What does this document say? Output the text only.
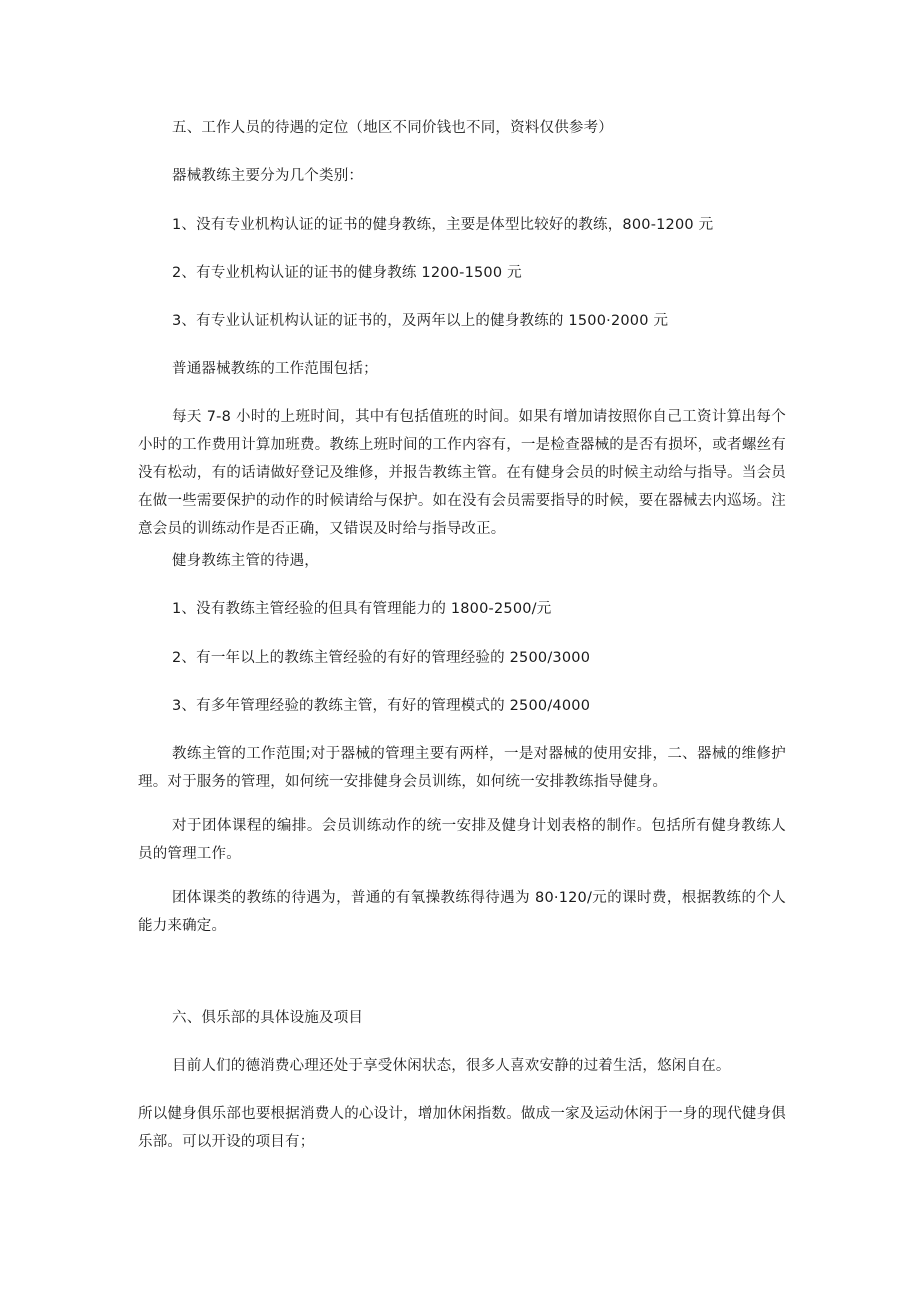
五、工作人员的待遇的定位（地区不同价钱也不同，资料仅供参考）
器械教练主要分为几个类别：
1、没有专业机构认证的证书的健身教练，主要是体型比较好的教练，800-1200 元
2、有专业机构认证的证书的健身教练 1200-1500 元
3、有专业认证机构认证的证书的，及两年以上的健身教练的 1500·2000 元
普通器械教练的工作范围包括；
每天 7-8 小时的上班时间，其中有包括值班的时间。如果有增加请按照你自己工资计算出每个小时的工作费用计算加班费。教练上班时间的工作内容有，一是检查器械的是否有损坏，或者螺丝有没有松动，有的话请做好登记及维修，并报告教练主管。在有健身会员的时候主动给与指导。当会员在做一些需要保护的动作的时候请给与保护。如在没有会员需要指导的时候，要在器械去内巡场。注意会员的训练动作是否正确，又错误及时给与指导改正。
健身教练主管的待遇，
1、没有教练主管经验的但具有管理能力的 1800-2500/元
2、有一年以上的教练主管经验的有好的管理经验的 2500/3000
3、有多年管理经验的教练主管，有好的管理模式的 2500/4000
教练主管的工作范围;对于器械的管理主要有两样，一是对器械的使用安排，二、器械的维修护理。对于服务的管理，如何统一安排健身会员训练，如何统一安排教练指导健身。
对于团体课程的编排。会员训练动作的统一安排及健身计划表格的制作。包括所有健身教练人员的管理工作。
团体课类的教练的待遇为，普通的有氧操教练得待遇为 80·120∕元的课时费，根据教练的个人能力来确定。
六、俱乐部的具体设施及项目
目前人们的德消费心理还处于享受休闲状态，很多人喜欢安静的过着生活，悠闲自在。
所以健身俱乐部也要根据消费人的心设计，增加休闲指数。做成一家及运动休闲于一身的现代健身俱乐部。可以开设的项目有；
